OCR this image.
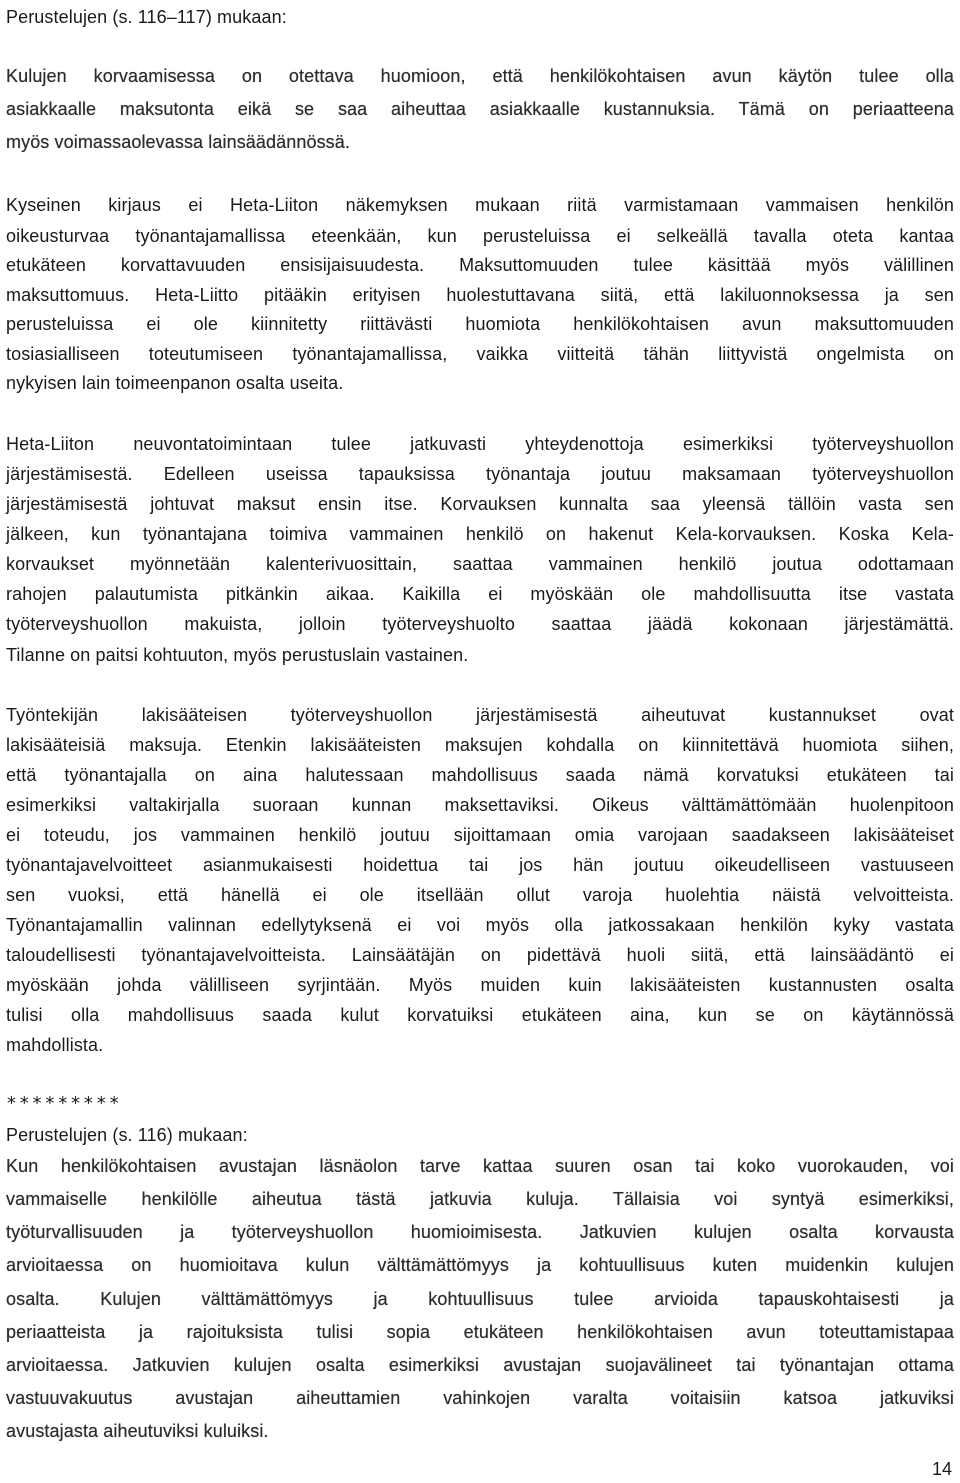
Perustelujen (s. 116–117) mukaan:
Kulujen korvaamisessa on otettava huomioon, että henkilökohtaisen avun käytön tulee olla
asiakkaalle maksutonta eikä se saa aiheuttaa asiakkaalle kustannuksia. Tämä on periaatteena
myös voimassaolevassa lainsäädännössä.
Kyseinen kirjaus ei Heta-Liiton näkemyksen mukaan riitä varmistamaan vammaisen henkilön
oikeusturvaa työnantajamallissa eteenkään, kun perusteluissa ei selkeällä tavalla oteta kantaa
etukäteen korvattavuuden ensisijaisuudesta. Maksuttomuuden tulee käsittää myös välillinen
maksuttomuus. Heta-Liitto pitääkin erityisen huolestuttavana siitä, että lakiluonnoksessa ja sen
perusteluissa ei ole kiinnitetty riittävästi huomiota henkilökohtaisen avun maksuttomuuden
tosiasialliseen toteutumiseen työnantajamallissa, vaikka viitteitä tähän liittyvistä ongelmista on
nykyisen lain toimeenpanon osalta useita.
Heta-Liiton neuvontatoimintaan tulee jatkuvasti yhteydenottoja esimerkiksi työterveyshuollon
järjestämisestä. Edelleen useissa tapauksissa työnantaja joutuu maksamaan työterveyshuollon
järjestämisestä johtuvat maksut ensin itse. Korvauksen kunnalta saa yleensä tällöin vasta sen
jälkeen, kun työnantajana toimiva vammainen henkilö on hakenut Kela-korvauksen. Koska Kela-
korvaukset myönnetään kalenterivuosittain, saattaa vammainen henkilö joutua odottamaan
rahojen palautumista pitkänkin aikaa. Kaikilla ei myöskään ole mahdollisuutta itse vastata
työterveyshuollon makuista, jolloin työterveyshuolto saattaa jäädä kokonaan järjestämättä.
Tilanne on paitsi kohtuuton, myös perustuslain vastainen.
Työntekijän lakisääteisen työterveyshuollon järjestämisestä aiheutuvat kustannukset ovat
lakisääteisiä maksuja. Etenkin lakisääteisten maksujen kohdalla on kiinnitettävä huomiota siihen,
että työnantajalla on aina halutessaan mahdollisuus saada nämä korvatuksi etukäteen tai
esimerkiksi valtakirjalla suoraan kunnan maksettaviksi. Oikeus välttämättömään huolenpitoon
ei toteudu, jos vammainen henkilö joutuu sijoittamaan omia varojaan saadakseen lakisääteiset
työnantajavelvoitteet asianmukaisesti hoidettua tai jos hän joutuu oikeudelliseen vastuuseen
sen vuoksi, että hänellä ei ole itsellään ollut varoja huolehtia näistä velvoitteista.
Työnantajamallin valinnan edellytyksenä ei voi myös olla jatkossakaan henkilön kyky vastata
taloudellisesti työnantajavelvoitteista. Lainsäätäjän on pidettävä huoli siitä, että lainsäädäntö ei
myöskään johda välilliseen syrjintään. Myös muiden kuin lakisääteisten kustannusten osalta
tulisi olla mahdollisuus saada kulut korvatuiksi etukäteen aina, kun se on käytännössä
mahdollista.
*********
Perustelujen (s. 116) mukaan:
Kun henkilökohtaisen avustajan läsnäolon tarve kattaa suuren osan tai koko vuorokauden, voi
vammaiselle henkilölle aiheutua tästä jatkuvia kuluja. Tällaisia voi syntyä esimerkiksi,
työturvallisuuden ja työterveyshuollon huomioimisesta. Jatkuvien kulujen osalta korvausta
arvioitaessa on huomioitava kulun välttämättömyys ja kohtuullisuus kuten muidenkin kulujen
osalta. Kulujen välttämättömyys ja kohtuullisuus tulee arvioida tapauskohtaisesti ja
periaatteista ja rajoituksista tulisi sopia etukäteen henkilökohtaisen avun toteuttamistapaa
arvioitaessa. Jatkuvien kulujen osalta esimerkiksi avustajan suojavälineet tai työnantajan ottama
vastuuvakuutus avustajan aiheuttamien vahinkojen varalta voitaisiin katsoa jatkuviksi
avustajasta aiheutuviksi kuluiksi.
14
